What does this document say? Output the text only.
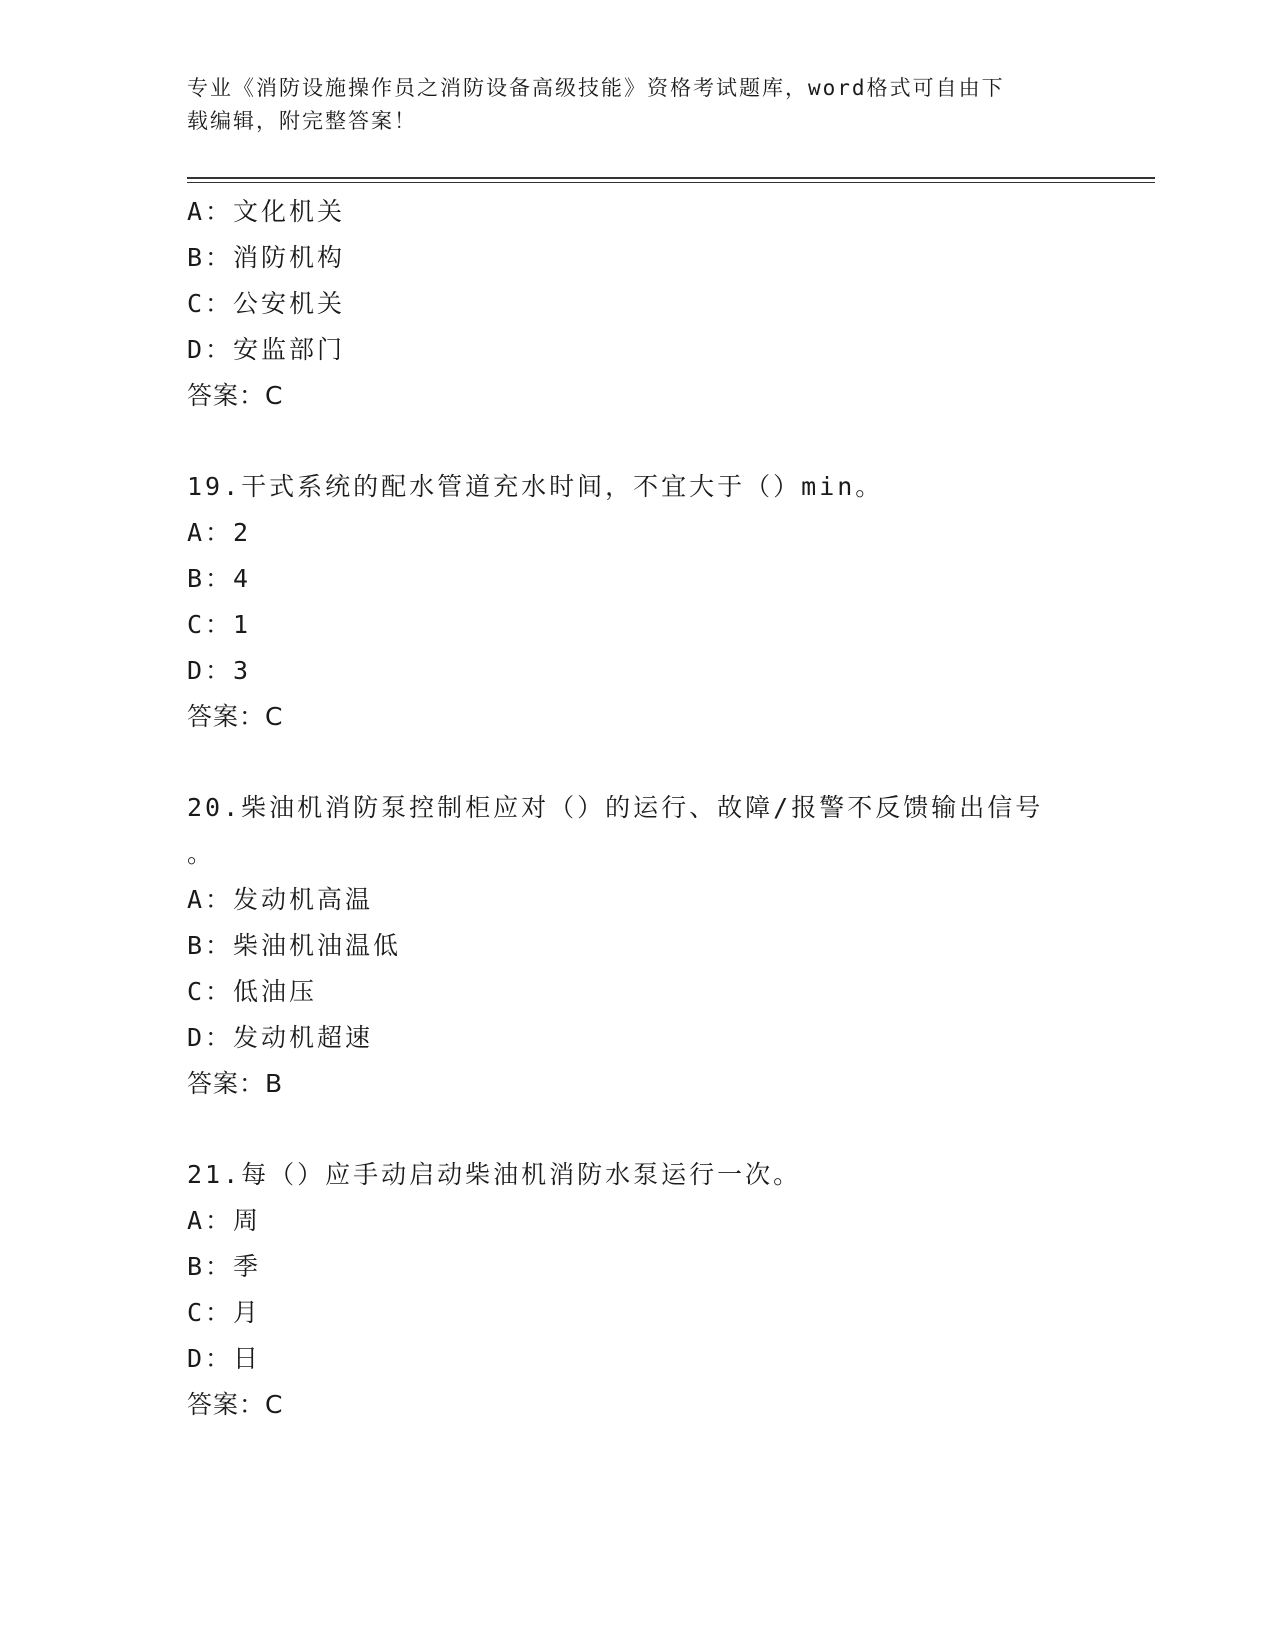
专业《消防设施操作员之消防设备高级技能》资格考试题库，word格式可自由下
载编辑，附完整答案！
A：文化机关
B：消防机构
C：公安机关
D：安监部门
答案：C
19.干式系统的配水管道充水时间，不宜大于（）min。
A：2
B：4
C：1
D：3
答案：C
20.柴油机消防泵控制柜应对（）的运行、故障/报警不反馈输出信号
。
A：发动机高温
B：柴油机油温低
C：低油压
D：发动机超速
答案：B
21.每（）应手动启动柴油机消防水泵运行一次。
A：周
B：季
C：月
D：日
答案：C
